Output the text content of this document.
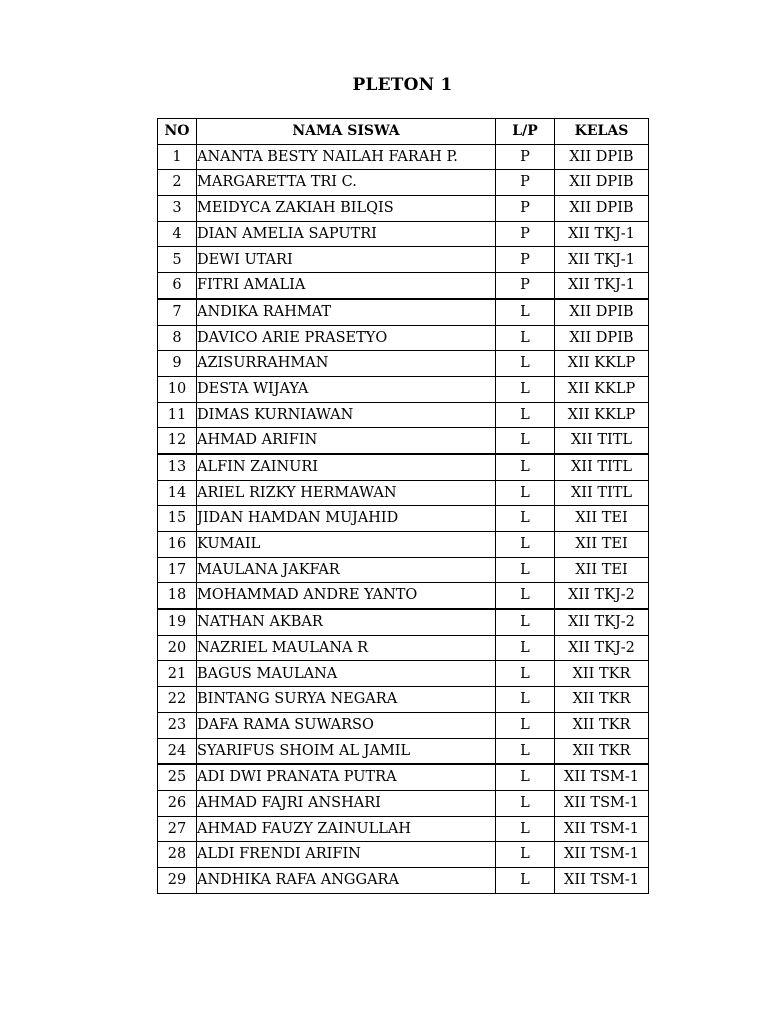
PLETON 1
NO	NAMA SISWA	L/P	KELAS
1	ANANTA BESTY NAILAH FARAH P.	P	XII DPIB
2	MARGARETTA TRI C.	P	XII DPIB
3	MEIDYCA ZAKIAH BILQIS	P	XII DPIB
4	DIAN AMELIA SAPUTRI	P	XII TKJ-1
5	DEWI UTARI	P	XII TKJ-1
6	FITRI AMALIA	P	XII TKJ-1
7	ANDIKA RAHMAT	L	XII DPIB
8	DAVICO ARIE PRASETYO	L	XII DPIB
9	AZISURRAHMAN	L	XII KKLP
10	DESTA WIJAYA	L	XII KKLP
11	DIMAS KURNIAWAN	L	XII KKLP
12	AHMAD ARIFIN	L	XII TITL
13	ALFIN ZAINURI	L	XII TITL
14	ARIEL RIZKY HERMAWAN	L	XII TITL
15	JIDAN HAMDAN MUJAHID	L	XII TEI
16	KUMAIL	L	XII TEI
17	MAULANA JAKFAR	L	XII TEI
18	MOHAMMAD ANDRE YANTO	L	XII TKJ-2
19	NATHAN AKBAR	L	XII TKJ-2
20	NAZRIEL MAULANA R	L	XII TKJ-2
21	BAGUS MAULANA	L	XII TKR
22	BINTANG SURYA NEGARA	L	XII TKR
23	DAFA RAMA SUWARSO	L	XII TKR
24	SYARIFUS SHOIM AL JAMIL	L	XII TKR
25	ADI DWI PRANATA PUTRA	L	XII TSM-1
26	AHMAD FAJRI ANSHARI	L	XII TSM-1
27	AHMAD FAUZY ZAINULLAH	L	XII TSM-1
28	ALDI FRENDI ARIFIN	L	XII TSM-1
29	ANDHIKA RAFA ANGGARA	L	XII TSM-1
